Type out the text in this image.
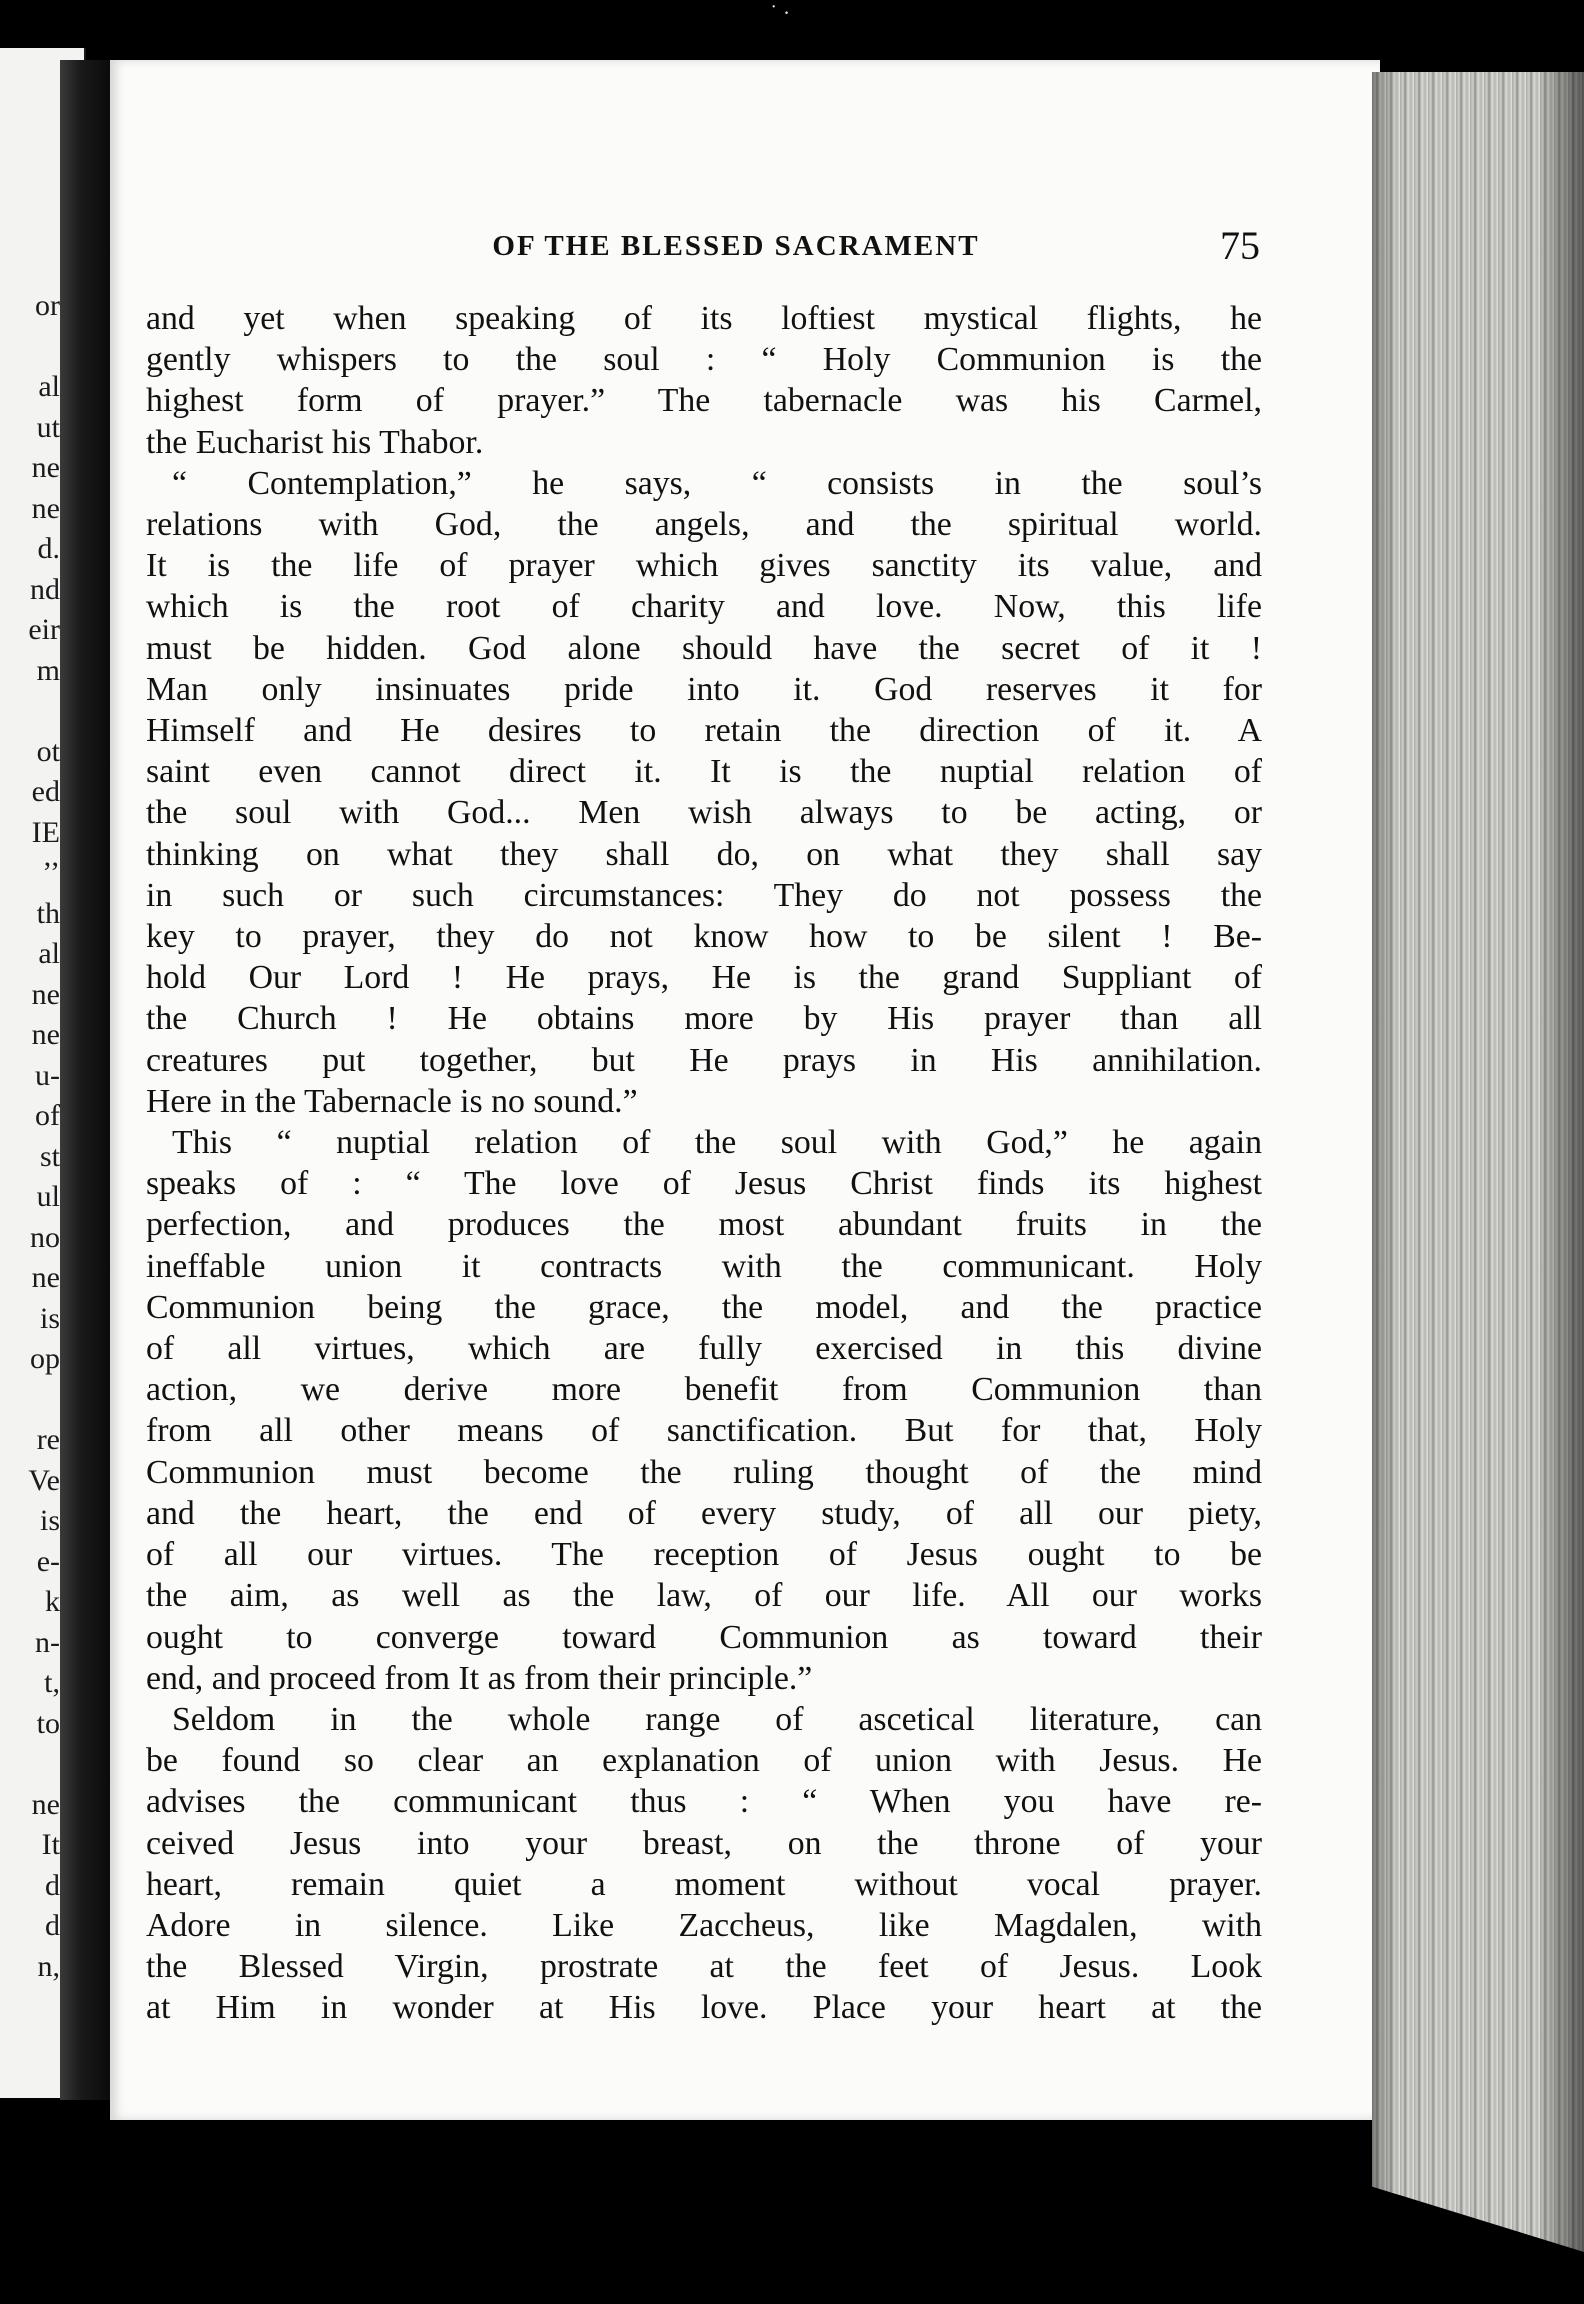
˙ ·
or
al
ut
ne
ne
d.
nd
eir
m
ot
ed
IE
’’
th
al
ne
ne
u-
of
st
ul
no
ne
is
op
re
Ve
is
e-
k
n-
t,
to
ne
It
d
d
n,
OF THE BLESSED SACRAMENT	75
and yet when speaking of its loftiest mystical flights, he
gently whispers to the soul : “ Holy Communion is the
highest form of prayer.” The tabernacle was his Carmel,
the Eucharist his Thabor.
“ Contemplation,” he says, “ consists in the soul’s
relations with God, the angels, and the spiritual world.
It is the life of prayer which gives sanctity its value, and
which is the root of charity and love. Now, this life
must be hidden. God alone should have the secret of it !
Man only insinuates pride into it. God reserves it for
Himself and He desires to retain the direction of it. A
saint even cannot direct it. It is the nuptial relation of
the soul with God... Men wish always to be acting, or
thinking on what they shall do, on what they shall say
in such or such circumstances: They do not possess the
key to prayer, they do not know how to be silent ! Be-
hold Our Lord ! He prays, He is the grand Suppliant of
the Church ! He obtains more by His prayer than all
creatures put together, but He prays in His annihilation.
Here in the Tabernacle is no sound.”
This “ nuptial relation of the soul with God,” he again
speaks of : “ The love of Jesus Christ finds its highest
perfection, and produces the most abundant fruits in the
ineffable union it contracts with the communicant. Holy
Communion being the grace, the model, and the practice
of all virtues, which are fully exercised in this divine
action, we derive more benefit from Communion than
from all other means of sanctification. But for that, Holy
Communion must become the ruling thought of the mind
and the heart, the end of every study, of all our piety,
of all our virtues. The reception of Jesus ought to be
the aim, as well as the law, of our life. All our works
ought to converge toward Communion as toward their
end, and proceed from It as from their principle.”
Seldom in the whole range of ascetical literature, can
be found so clear an explanation of union with Jesus. He
advises the communicant thus : “ When you have re-
ceived Jesus into your breast, on the throne of your
heart, remain quiet a moment without vocal prayer.
Adore in silence. Like Zaccheus, like Magdalen, with
the Blessed Virgin, prostrate at the feet of Jesus. Look
at Him in wonder at His love. Place your heart at the
